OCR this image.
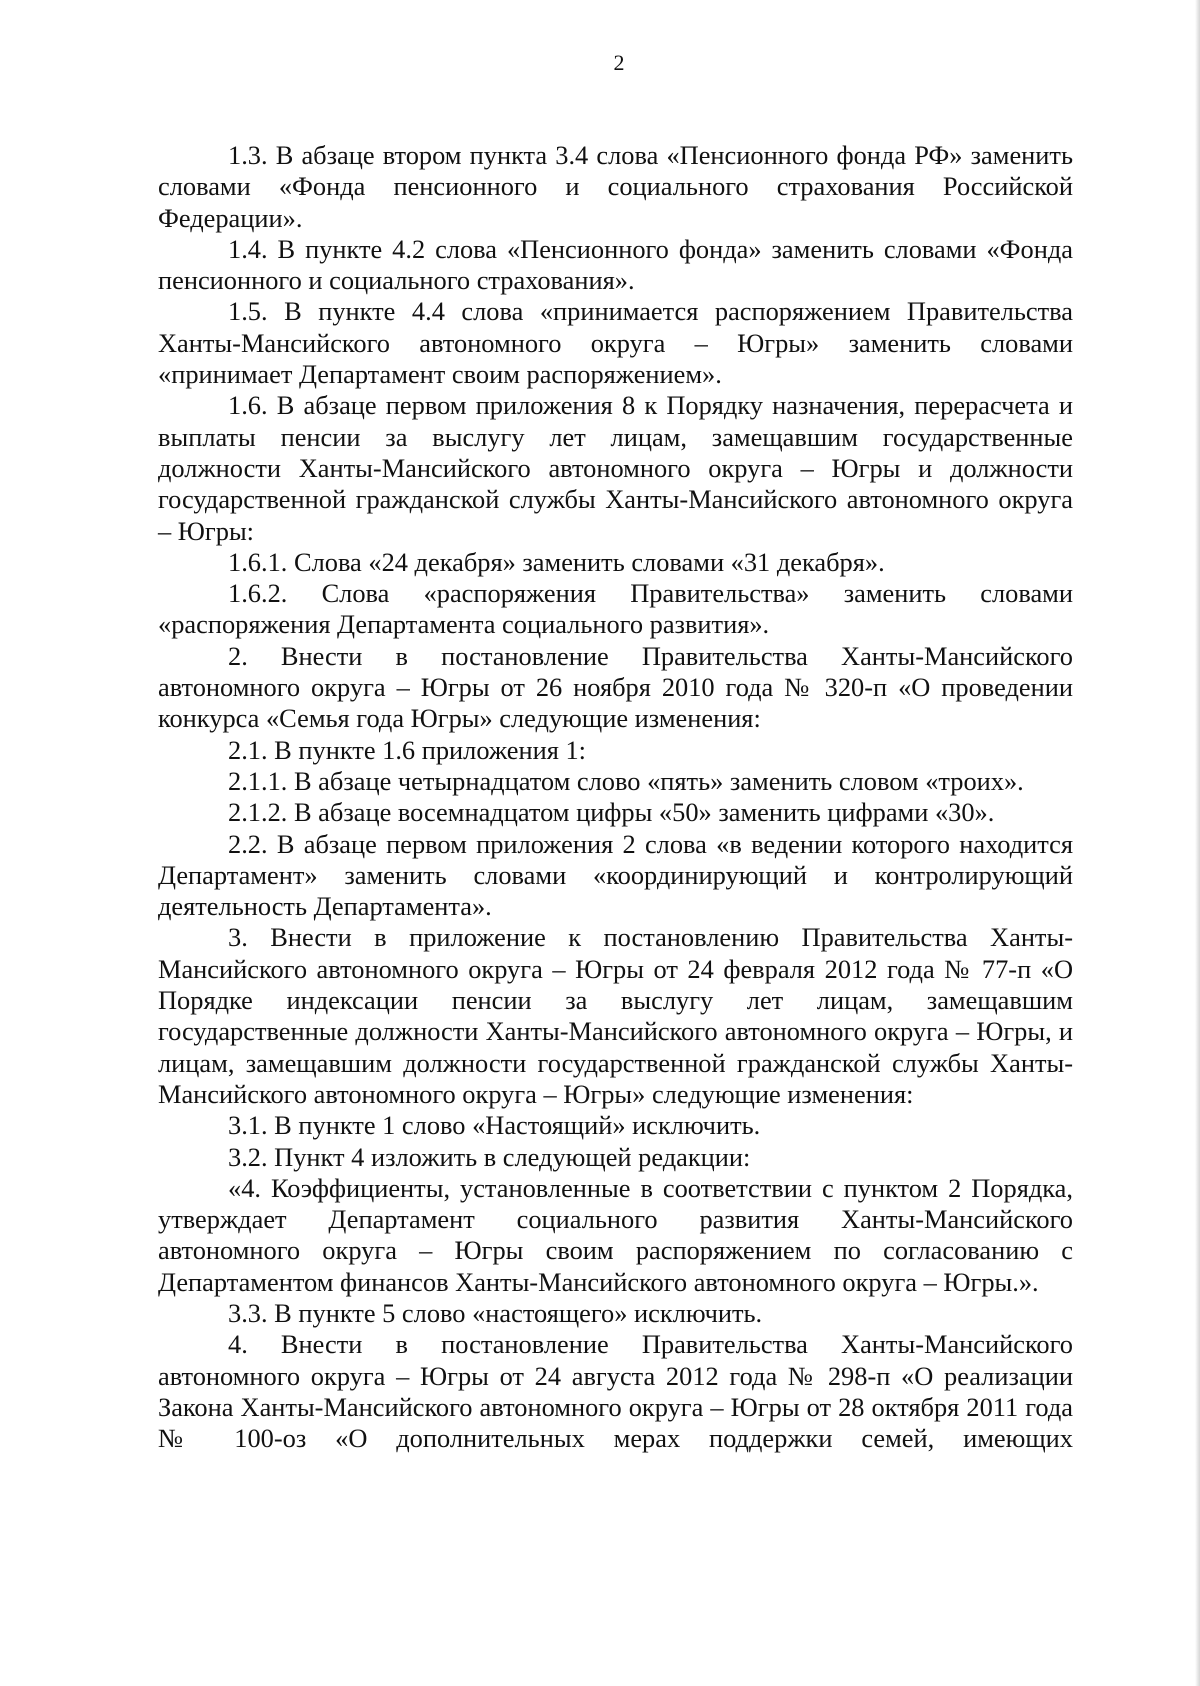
2

1.3. В абзаце втором пункта 3.4 слова «Пенсионного фонда РФ» заменить словами «Фонда пенсионного и социального страхования Российской Федерации».

1.4. В пункте 4.2 слова «Пенсионного фонда» заменить словами «Фонда пенсионного и социального страхования».

1.5. В пункте 4.4 слова «принимается распоряжением Правительства Ханты-Мансийского автономного округа – Югры» заменить словами «принимает Департамент своим распоряжением».

1.6. В абзаце первом приложения 8 к Порядку назначения, перерасчета и выплаты пенсии за выслугу лет лицам, замещавшим государственные должности Ханты-Мансийского автономного округа – Югры и должности государственной гражданской службы Ханты-Мансийского автономного округа – Югры:

1.6.1. Слова «24 декабря» заменить словами «31 декабря».

1.6.2. Слова «распоряжения Правительства» заменить словами «распоряжения Департамента социального развития».

2. Внести в постановление Правительства Ханты-Мансийского автономного округа – Югры от 26 ноября 2010 года № 320-п «О проведении конкурса «Семья года Югры» следующие изменения:

2.1. В пункте 1.6 приложения 1:

2.1.1. В абзаце четырнадцатом слово «пять» заменить словом «троих».

2.1.2. В абзаце восемнадцатом цифры «50» заменить цифрами «30».

2.2. В абзаце первом приложения 2 слова «в ведении которого находится Департамент» заменить словами «координирующий и контролирующий деятельность Департамента».

3. Внести в приложение к постановлению Правительства Ханты-Мансийского автономного округа – Югры от 24 февраля 2012 года № 77-п «О Порядке индексации пенсии за выслугу лет лицам, замещавшим государственные должности Ханты-Мансийского автономного округа – Югры, и лицам, замещавшим должности государственной гражданской службы Ханты-Мансийского автономного округа – Югры» следующие изменения:

3.1. В пункте 1 слово «Настоящий» исключить.

3.2. Пункт 4 изложить в следующей редакции:

«4. Коэффициенты, установленные в соответствии с пунктом 2 Порядка, утверждает Департамент социального развития Ханты-Мансийского автономного округа – Югры своим распоряжением по согласованию с Департаментом финансов Ханты-Мансийского автономного округа – Югры.».

3.3. В пункте 5 слово «настоящего» исключить.

4. Внести в постановление Правительства Ханты-Мансийского автономного округа – Югры от 24 августа 2012 года № 298-п «О реализации Закона Ханты-Мансийского автономного округа – Югры от 28 октября 2011 года № 100-оз «О дополнительных мерах поддержки семей, имеющих
